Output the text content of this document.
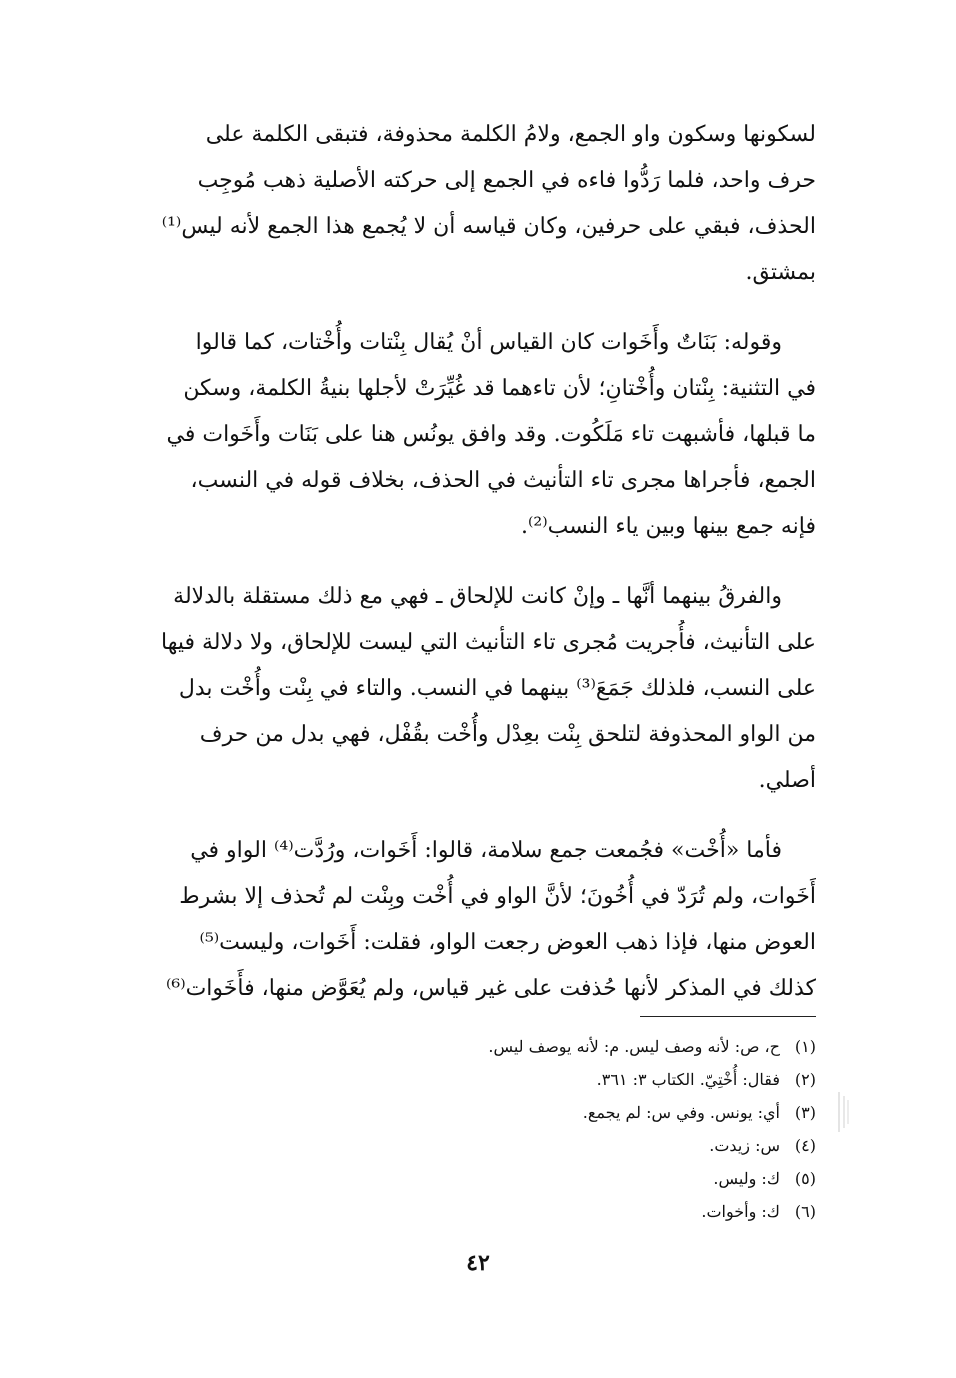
لسكونها وسكون واو الجمع، ولامُ الكلمة محذوفة، فتبقى الكلمة على
حرف واحد، فلما رَدُّوا فاءه في الجمع إلى حركته الأصلية ذهب مُوجِب
الحذف، فبقي على حرفين، وكان قياسه أن لا يُجمع هذا الجمع لأنه ليس⁽¹⁾
بمشتق.

وقوله: بَنَاتٌ وأَخَوات كان القياس أنْ يُقال بِنْتات وأُخْتات، كما قالوا
في التثنية: بِنْتان وأُخْتانِ؛ لأن تاءهما قد غُيِّرَتْ لأجلها بنيةُ الكلمة، وسكن
ما قبلها، فأشبهت تاء مَلَكُوت. وقد وافق يونُس هنا على بَنَات وأَخَوات في
الجمع، فأجراها مجرى تاء التأنيث في الحذف، بخلاف قوله في النسب،
فإنه جمع بينها وبين ياء النسب⁽²⁾.

والفرقُ بينهما أنَّها ـ وإنْ كانت للإلحاق ـ فهي مع ذلك مستقلة بالدلالة
على التأنيث، فأُجريت مُجرى تاء التأنيث التي ليست للإلحاق، ولا دلالة فيها
على النسب، فلذلك جَمَعَ⁽³⁾ بينهما في النسب. والتاء في بِنْت وأُخْت بدل
من الواو المحذوفة لتلحق بِنْت بعِدْل وأُخْت بقُفْل، فهي بدل من حرف
أصلي.

فأما «أُخْت» فجُمعت جمع سلامة، قالوا: أَخَوات، ورُدَّت⁽⁴⁾ الواو في
أَخَوات، ولم تُرَدّ في أُخُونَ؛ لأنَّ الواو في أُخْت وبِنْت لم تُحذف إلا بشرط
العوض منها، فإذا ذهب العوض رجعت الواو، فقلت: أَخَوات، وليست⁽⁵⁾
كذلك في المذكر لأنها حُذفت على غير قياس، ولم يُعَوَّض منها، فأَخَوات⁽⁶⁾

(١)ح، ص: لأنه وصف ليس. م: لأنه يوصف ليس.
(٢)فقال: أُخْتِيّ. الكتاب ٣: ٣٦١.
(٣)أي: يونس. وفي س: لم يجمع.
(٤)س: زيدت.
(٥)ك: وليس.
(٦)ك: وأخوات.
٤٢
